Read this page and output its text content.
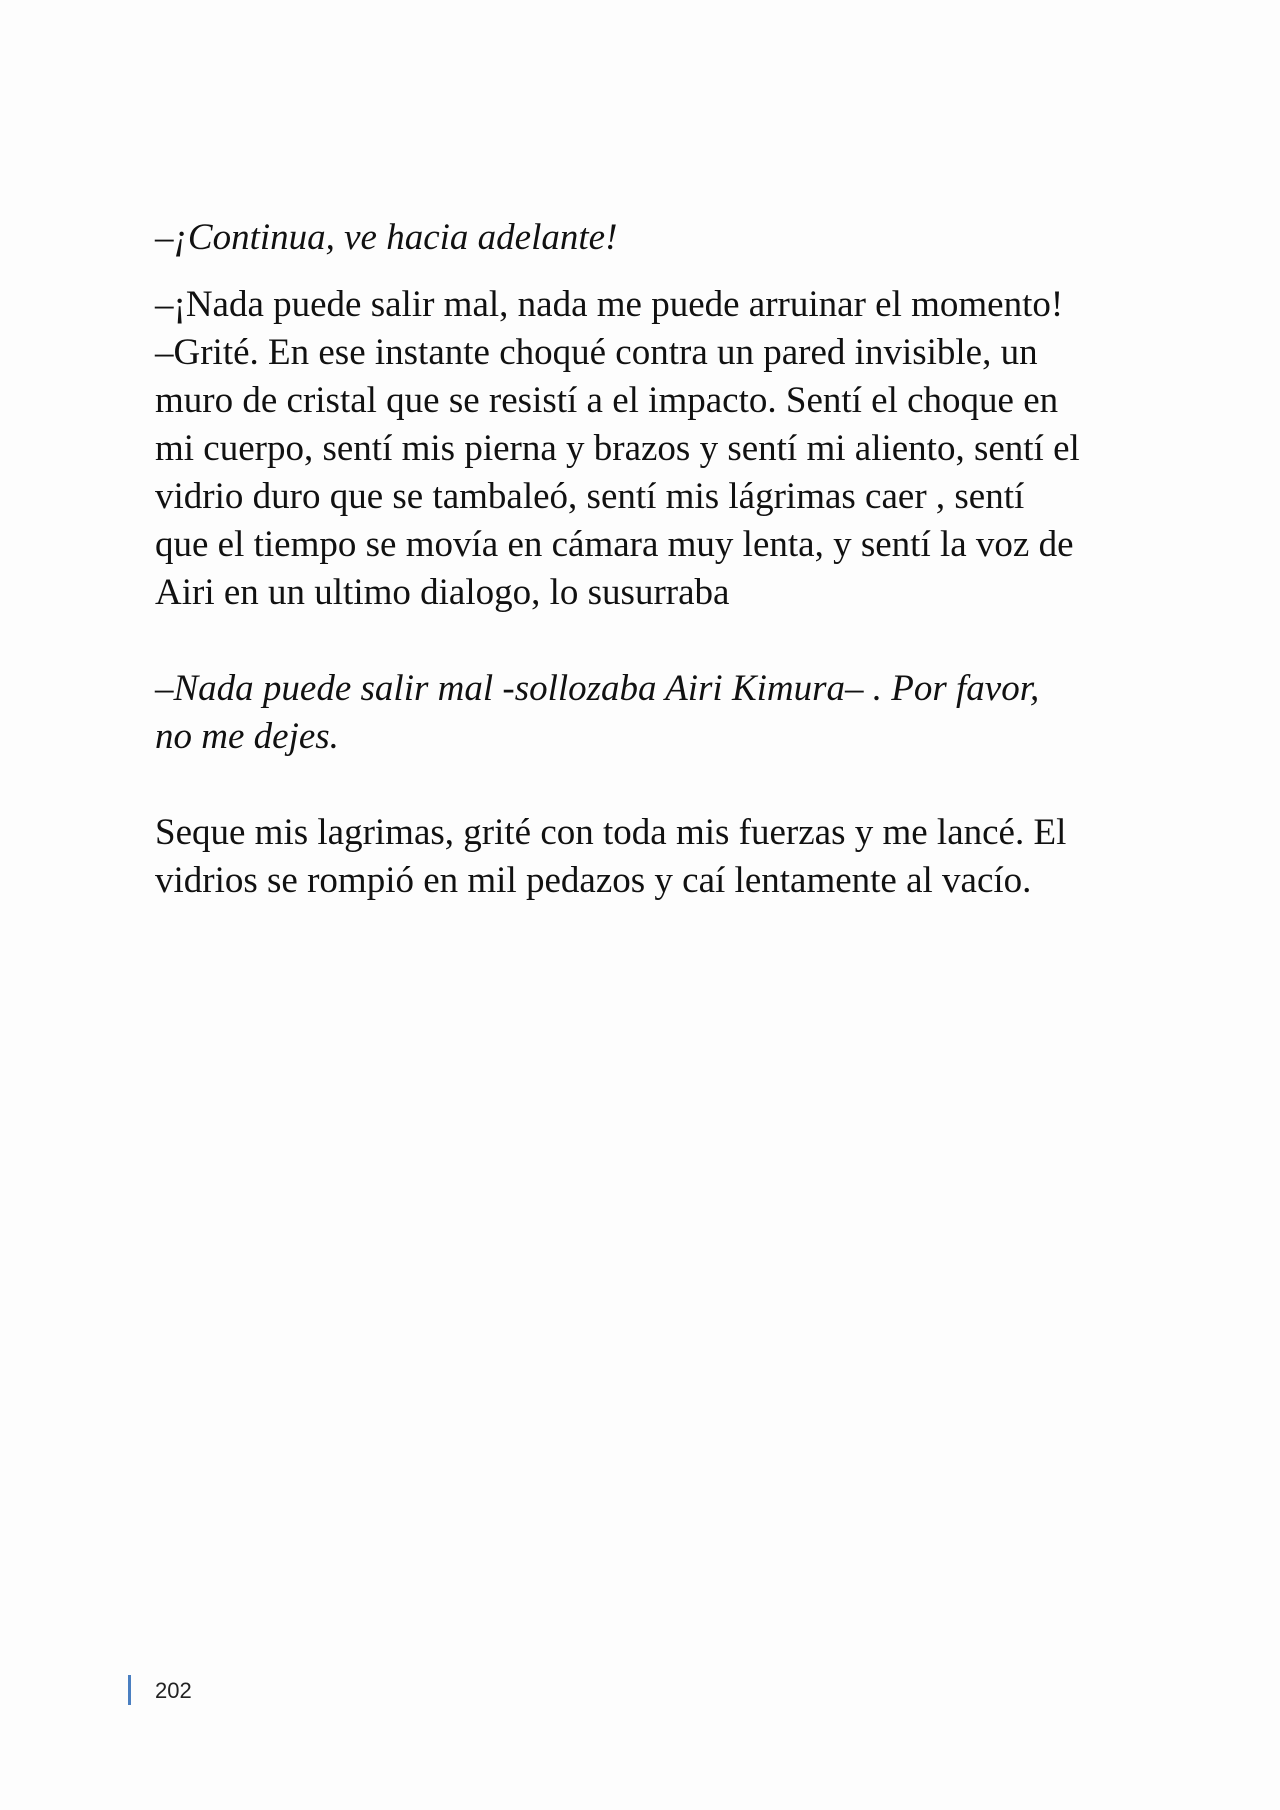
–¡Continua, ve hacia adelante!

–¡Nada puede salir mal, nada me puede arruinar el momento!
–Grité. En ese instante choqué contra un pared invisible, un
muro de cristal que se resistí a el impacto. Sentí el choque en
mi cuerpo, sentí mis pierna y brazos y sentí mi aliento, sentí el
vidrio duro que se tambaleó, sentí mis lágrimas caer , sentí
que el tiempo se movía en cámara muy lenta, y sentí la voz de
Airi en un ultimo dialogo, lo susurraba

–Nada puede salir mal -sollozaba Airi Kimura– . Por favor,
no me dejes.

Seque mis lagrimas, grité con toda mis fuerzas y me lancé. El
vidrios se rompió en mil pedazos y caí lentamente al vacío.

202
